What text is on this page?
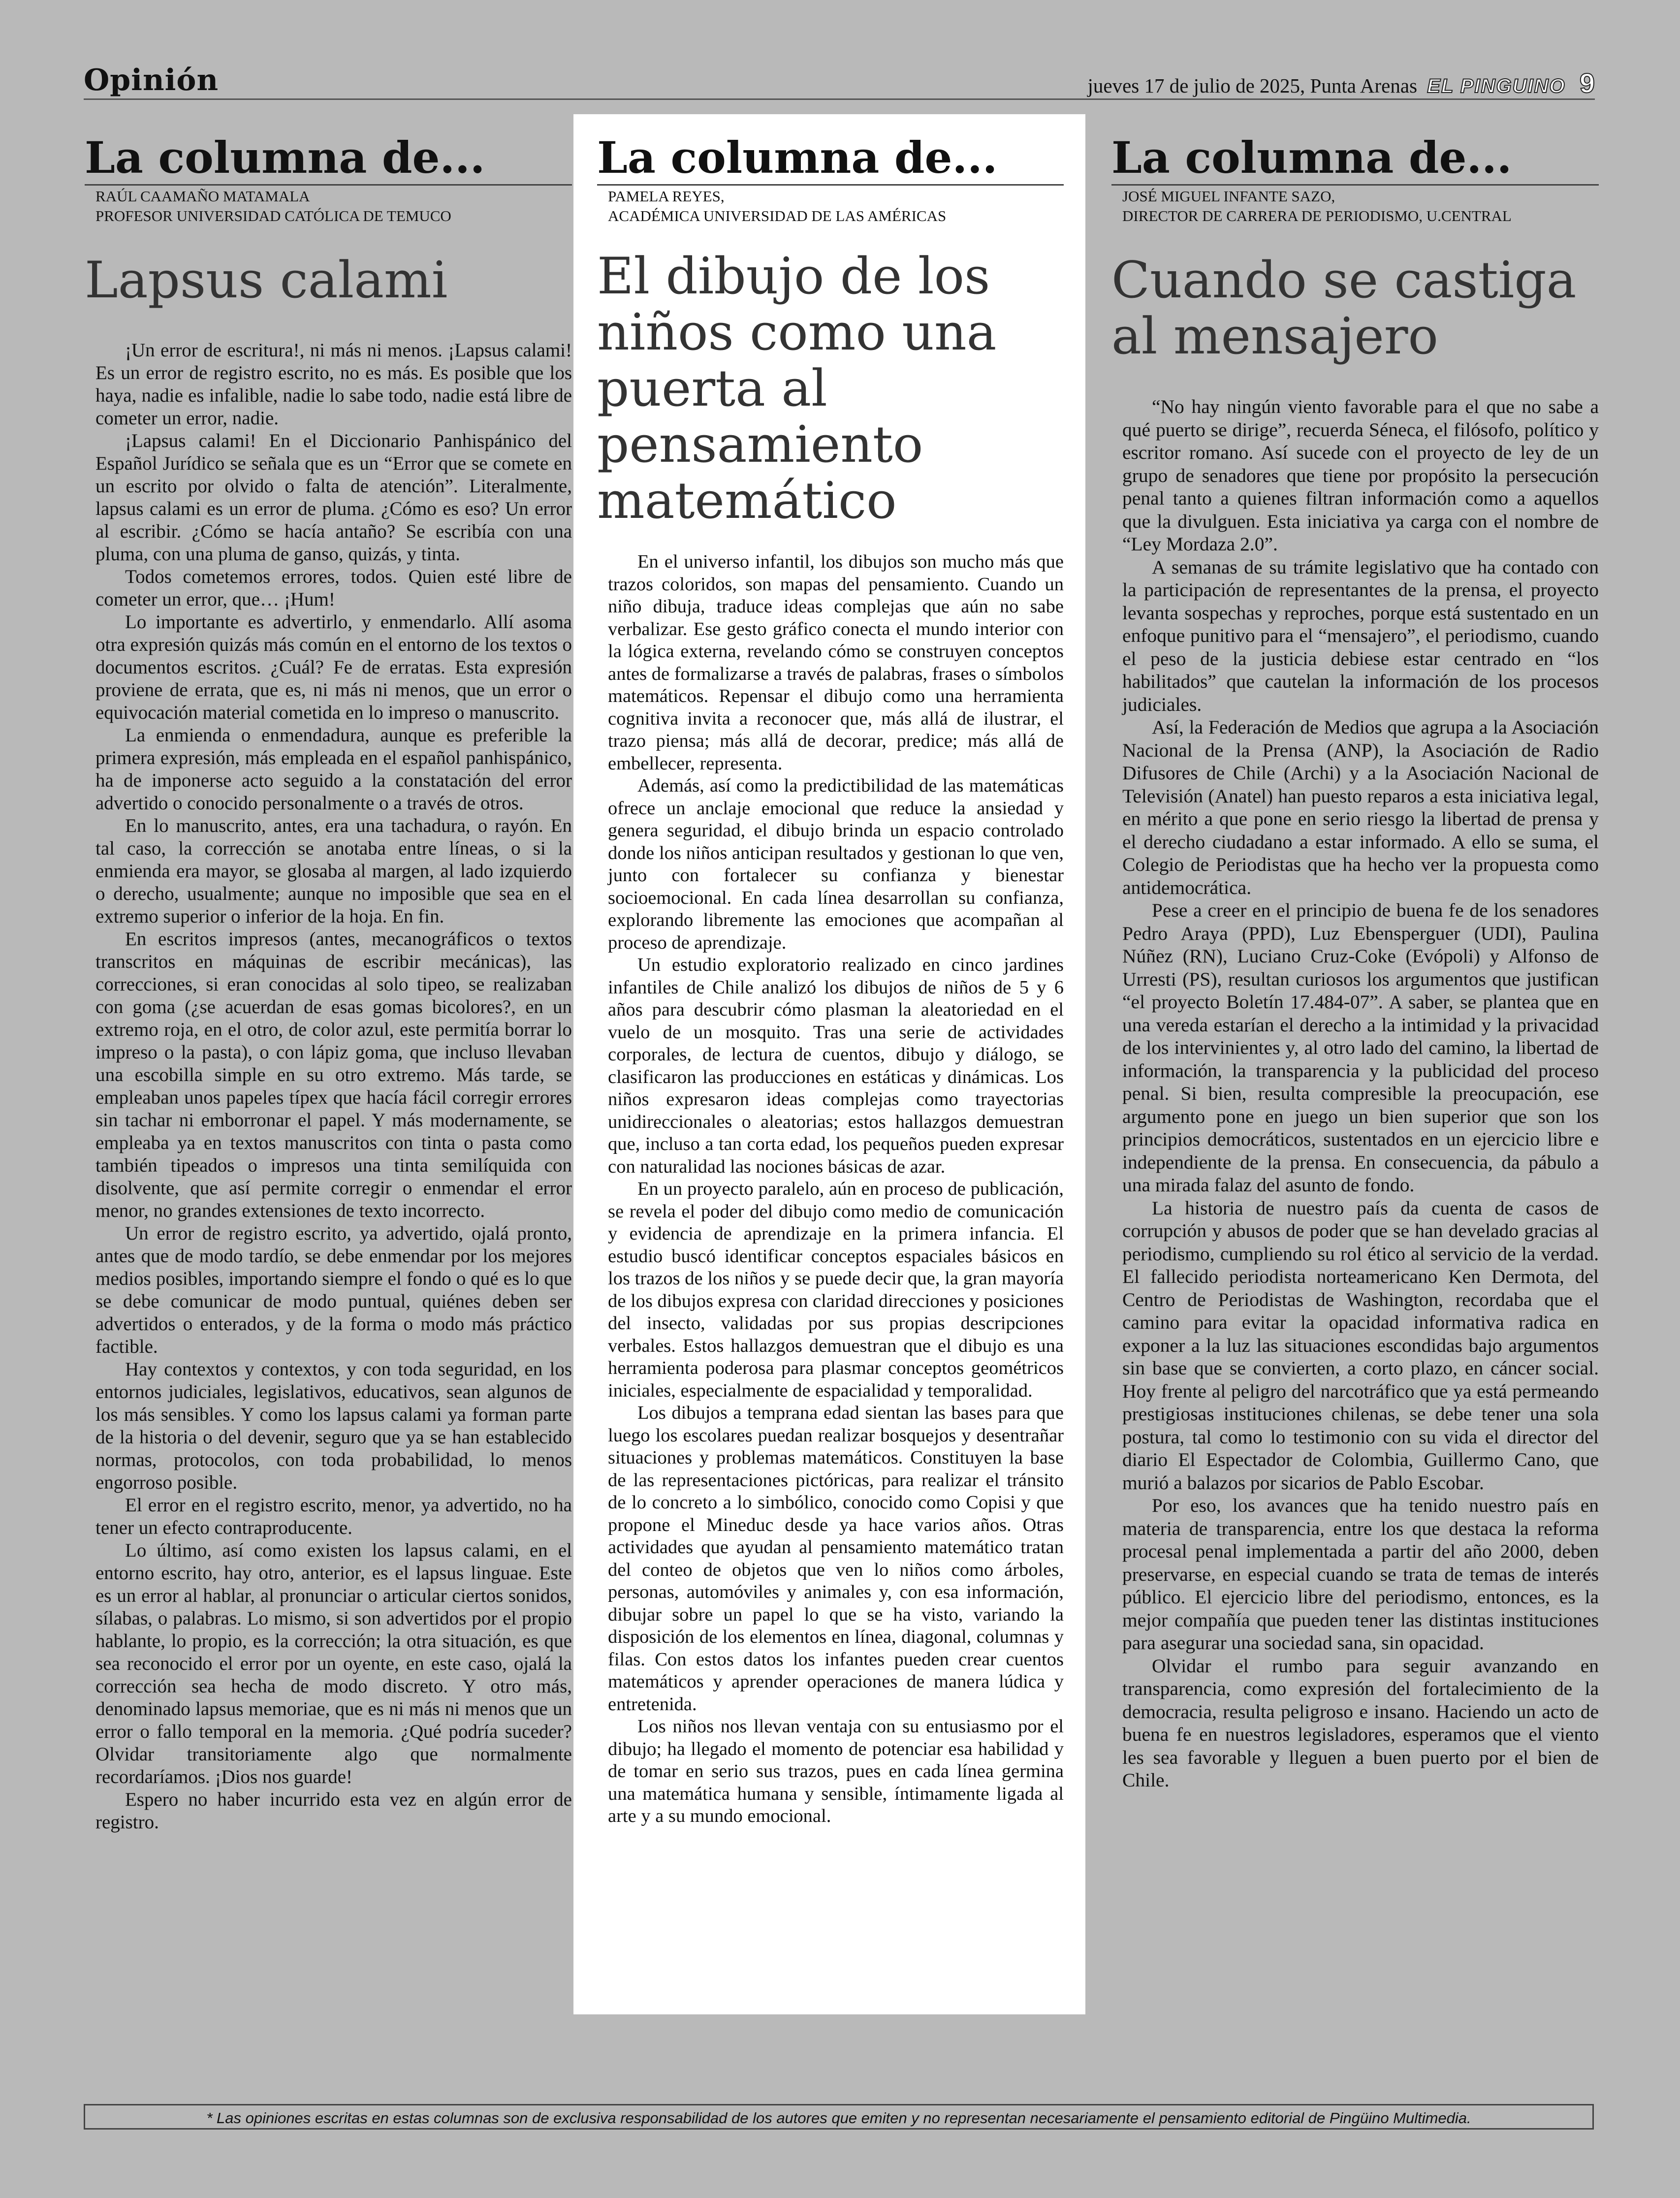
Opinión	jueves 17 de julio de 2025, Punta Arenas EL PINGUINO 9
La columna de...
RAÚL CAAMAÑO MATAMALA
PROFESOR UNIVERSIDAD CATÓLICA DE TEMUCO
Lapsus calami

¡Un error de escritura!, ni más ni menos. ¡Lapsus calami! Es un error de registro escrito, no es más. Es posible que los haya, nadie es infalible, nadie lo sabe todo, nadie está libre de cometer un error, nadie.

¡Lapsus calami! En el Diccionario Panhispánico del Español Jurídico se señala que es un “Error que se comete en un escrito por olvido o falta de atención”. Literalmente, lapsus calami es un error de pluma. ¿Cómo es eso? Un error al escribir. ¿Cómo se hacía antaño? Se escribía con una pluma, con una pluma de ganso, quizás, y tinta.

Todos cometemos errores, todos. Quien esté libre de cometer un error, que… ¡Hum!

Lo importante es advertirlo, y enmendarlo. Allí asoma otra expresión quizás más común en el entorno de los textos o documentos escritos. ¿Cuál? Fe de erratas. Esta expresión proviene de errata, que es, ni más ni menos, que un error o equivocación material cometida en lo impreso o manuscrito.

La enmienda o enmendadura, aunque es preferible la primera expresión, más empleada en el español panhispánico, ha de imponerse acto seguido a la constatación del error advertido o conocido personalmente o a través de otros.

En lo manuscrito, antes, era una tachadura, o rayón. En tal caso, la corrección se anotaba entre líneas, o si la enmienda era mayor, se glosaba al margen, al lado izquierdo o derecho, usualmente; aunque no imposible que sea en el extremo superior o inferior de la hoja. En fin.

En escritos impresos (antes, mecanográficos o textos transcritos en máquinas de escribir mecánicas), las correcciones, si eran conocidas al solo tipeo, se realizaban con goma (¿se acuerdan de esas gomas bicolores?, en un extremo roja, en el otro, de color azul, este permitía borrar lo impreso o la pasta), o con lápiz goma, que incluso llevaban una escobilla simple en su otro extremo. Más tarde, se empleaban unos papeles típex que hacía fácil corregir errores sin tachar ni emborronar el papel. Y más modernamente, se empleaba ya en textos manuscritos con tinta o pasta como también tipeados o impresos una tinta semilíquida con disolvente, que así permite corregir o enmendar el error menor, no grandes extensiones de texto incorrecto.

Un error de registro escrito, ya advertido, ojalá pronto, antes que de modo tardío, se debe enmendar por los mejores medios posibles, importando siempre el fondo o qué es lo que se debe comunicar de modo puntual, quiénes deben ser advertidos o enterados, y de la forma o modo más práctico factible.

Hay contextos y contextos, y con toda seguridad, en los entornos judiciales, legislativos, educativos, sean algunos de los más sensibles. Y como los lapsus calami ya forman parte de la historia o del devenir, seguro que ya se han establecido normas, protocolos, con toda probabilidad, lo menos engorroso posible.

El error en el registro escrito, menor, ya advertido, no ha tener un efecto contraproducente.

Lo último, así como existen los lapsus calami, en el entorno escrito, hay otro, anterior, es el lapsus linguae. Este es un error al hablar, al pronunciar o articular ciertos sonidos, sílabas, o palabras. Lo mismo, si son advertidos por el propio hablante, lo propio, es la corrección; la otra situación, es que sea reconocido el error por un oyente, en este caso, ojalá la corrección sea hecha de modo discreto. Y otro más, denominado lapsus memoriae, que es ni más ni menos que un error o fallo temporal en la memoria. ¿Qué podría suceder? Olvidar transitoriamente algo que normalmente recordaríamos. ¡Dios nos guarde!

Espero no haber incurrido esta vez en algún error de registro.

La columna de...
PAMELA REYES,
ACADÉMICA UNIVERSIDAD DE LAS AMÉRICAS
El dibujo de los niños como una puerta al pensamiento matemático

En el universo infantil, los dibujos son mucho más que trazos coloridos, son mapas del pensamiento. Cuando un niño dibuja, traduce ideas complejas que aún no sabe verbalizar. Ese gesto gráfico conecta el mundo interior con la lógica externa, revelando cómo se construyen conceptos antes de formalizarse a través de palabras, frases o símbolos matemáticos. Repensar el dibujo como una herramienta cognitiva invita a reconocer que, más allá de ilustrar, el trazo piensa; más allá de decorar, predice; más allá de embellecer, representa.

Además, así como la predictibilidad de las matemáticas ofrece un anclaje emocional que reduce la ansiedad y genera seguridad, el dibujo brinda un espacio controlado donde los niños anticipan resultados y gestionan lo que ven, junto con fortalecer su confianza y bienestar socioemocional. En cada línea desarrollan su confianza, explorando libremente las emociones que acompañan al proceso de aprendizaje.

Un estudio exploratorio realizado en cinco jardines infantiles de Chile analizó los dibujos de niños de 5 y 6 años para descubrir cómo plasman la aleatoriedad en el vuelo de un mosquito. Tras una serie de actividades corporales, de lectura de cuentos, dibujo y diálogo, se clasificaron las producciones en estáticas y dinámicas. Los niños expresaron ideas complejas como trayectorias unidireccionales o aleatorias; estos hallazgos demuestran que, incluso a tan corta edad, los pequeños pueden expresar con naturalidad las nociones básicas de azar.

En un proyecto paralelo, aún en proceso de publicación, se revela el poder del dibujo como medio de comunicación y evidencia de aprendizaje en la primera infancia. El estudio buscó identificar conceptos espaciales básicos en los trazos de los niños y se puede decir que, la gran mayoría de los dibujos expresa con claridad direcciones y posiciones del insecto, validadas por sus propias descripciones verbales. Estos hallazgos demuestran que el dibujo es una herramienta poderosa para plasmar conceptos geométricos iniciales, especialmente de espacialidad y temporalidad.

Los dibujos a temprana edad sientan las bases para que luego los escolares puedan realizar bosquejos y desentrañar situaciones y problemas matemáticos. Constituyen la base de las representaciones pictóricas, para realizar el tránsito de lo concreto a lo simbólico, conocido como Copisi y que propone el Mineduc desde ya hace varios años. Otras actividades que ayudan al pensamiento matemático tratan del conteo de objetos que ven lo niños como árboles, personas, automóviles y animales y, con esa información, dibujar sobre un papel lo que se ha visto, variando la disposición de los elementos en línea, diagonal, columnas y filas. Con estos datos los infantes pueden crear cuentos matemáticos y aprender operaciones de manera lúdica y entretenida.

Los niños nos llevan ventaja con su entusiasmo por el dibujo; ha llegado el momento de potenciar esa habilidad y de tomar en serio sus trazos, pues en cada línea germina una matemática humana y sensible, íntimamente ligada al arte y a su mundo emocional.

La columna de...
JOSÉ MIGUEL INFANTE SAZO,
DIRECTOR DE CARRERA DE PERIODISMO, U.CENTRAL
Cuando se castiga al mensajero

“No hay ningún viento favorable para el que no sabe a qué puerto se dirige”, recuerda Séneca, el filósofo, político y escritor romano. Así sucede con el proyecto de ley de un grupo de senadores que tiene por propósito la persecución penal tanto a quienes filtran información como a aquellos que la divulguen. Esta iniciativa ya carga con el nombre de “Ley Mordaza 2.0”.

A semanas de su trámite legislativo que ha contado con la participación de representantes de la prensa, el proyecto levanta sospechas y reproches, porque está sustentado en un enfoque punitivo para el “mensajero”, el periodismo, cuando el peso de la justicia debiese estar centrado en “los habilitados” que cautelan la información de los procesos judiciales.

Así, la Federación de Medios que agrupa a la Asociación Nacional de la Prensa (ANP), la Asociación de Radio Difusores de Chile (Archi) y a la Asociación Nacional de Televisión (Anatel) han puesto reparos a esta iniciativa legal, en mérito a que pone en serio riesgo la libertad de prensa y el derecho ciudadano a estar informado. A ello se suma, el Colegio de Periodistas que ha hecho ver la propuesta como antidemocrática.

Pese a creer en el principio de buena fe de los senadores Pedro Araya (PPD), Luz Ebensperguer (UDI), Paulina Núñez (RN), Luciano Cruz-Coke (Evópoli) y Alfonso de Urresti (PS), resultan curiosos los argumentos que justifican “el proyecto Boletín 17.484-07”. A saber, se plantea que en una vereda estarían el derecho a la intimidad y la privacidad de los intervinientes y, al otro lado del camino, la libertad de información, la transparencia y la publicidad del proceso penal. Si bien, resulta compresible la preocupación, ese argumento pone en juego un bien superior que son los principios democráticos, sustentados en un ejercicio libre e independiente de la prensa. En consecuencia, da pábulo a una mirada falaz del asunto de fondo.

La historia de nuestro país da cuenta de casos de corrupción y abusos de poder que se han develado gracias al periodismo, cumpliendo su rol ético al servicio de la verdad. El fallecido periodista norteamericano Ken Dermota, del Centro de Periodistas de Washington, recordaba que el camino para evitar la opacidad informativa radica en exponer a la luz las situaciones escondidas bajo argumentos sin base que se convierten, a corto plazo, en cáncer social. Hoy frente al peligro del narcotráfico que ya está permeando prestigiosas instituciones chilenas, se debe tener una sola postura, tal como lo testimonio con su vida el director del diario El Espectador de Colombia, Guillermo Cano, que murió a balazos por sicarios de Pablo Escobar.

Por eso, los avances que ha tenido nuestro país en materia de transparencia, entre los que destaca la reforma procesal penal implementada a partir del año 2000, deben preservarse, en especial cuando se trata de temas de interés público. El ejercicio libre del periodismo, entonces, es la mejor compañía que pueden tener las distintas instituciones para asegurar una sociedad sana, sin opacidad.

Olvidar el rumbo para seguir avanzando en transparencia, como expresión del fortalecimiento de la democracia, resulta peligroso e insano. Haciendo un acto de buena fe en nuestros legisladores, esperamos que el viento les sea favorable y lleguen a buen puerto por el bien de Chile.

* Las opiniones escritas en estas columnas son de exclusiva responsabilidad de los autores que emiten y no representan necesariamente el pensamiento editorial de Pingüino Multimedia.
